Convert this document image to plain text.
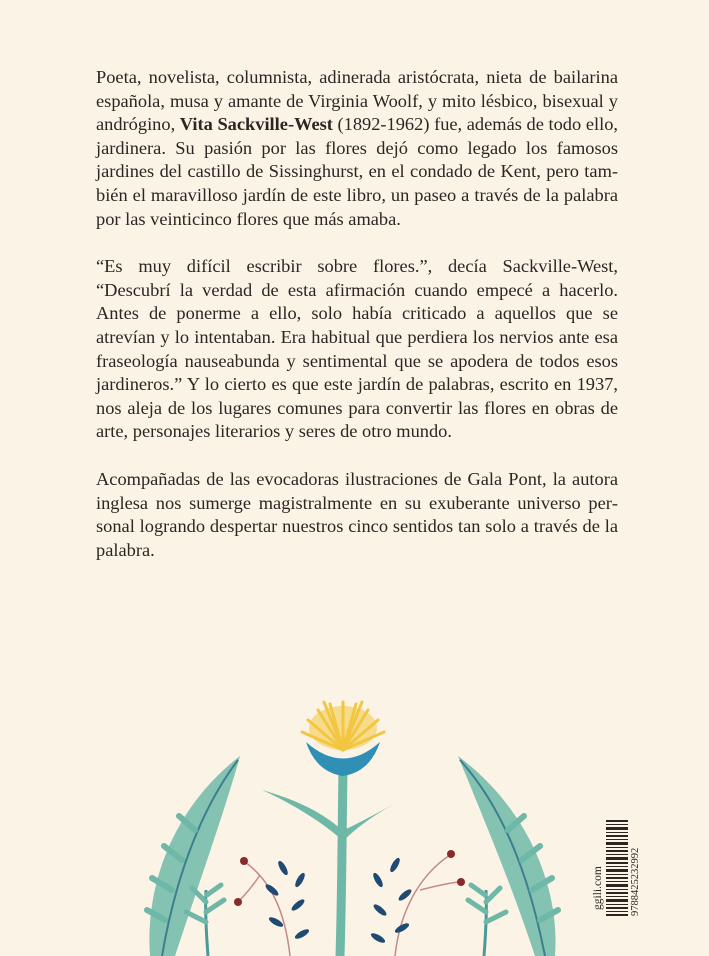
Poeta, novelista, columnista, adinerada aristócrata, nieta de bailarina española, musa y amante de Virginia Woolf, y mito lésbico, bisexual y andrógino, Vita Sackville-West (1892-1962) fue, además de todo ello, jardinera. Su pasión por las flores dejó como legado los famosos jardines del castillo de Sissinghurst, en el condado de Kent, pero también el maravilloso jardín de este libro, un paseo a través de la palabra por las veinticinco flores que más amaba.

“Es muy difícil escribir sobre flores.”, decía Sackville-West, “Descubrí la verdad de esta afirmación cuando empecé a hacerlo. Antes de ponerme a ello, solo había criticado a aquellos que se atrevían y lo intentaban. Era habitual que perdiera los nervios ante esa fraseología nauseabunda y sentimental que se apodera de todos esos jardineros.” Y lo cierto es que este jardín de palabras, escrito en 1937, nos aleja de los lugares comunes para convertir las flores en obras de arte, personajes literarios y seres de otro mundo.

Acompañadas de las evocadoras ilustraciones de Gala Pont, la autora inglesa nos sumerge magistralmente en su exuberante universo personal logrando despertar nuestros cinco sentidos tan solo a través de la palabra.

ggili.com 9788425232992
